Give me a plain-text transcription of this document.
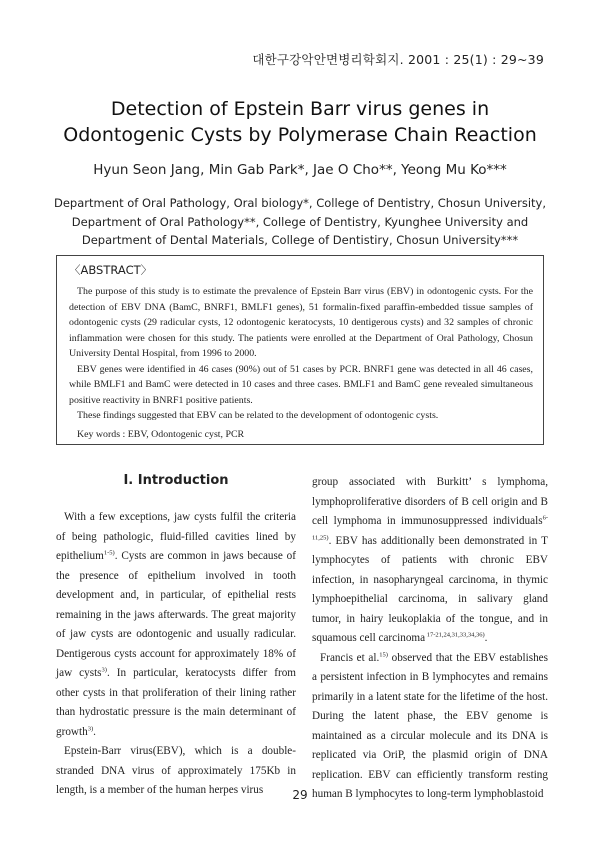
대한구강악안면병리학회지. 2001 : 25(1) : 29~39
Detection of Epstein Barr virus genes in
Odontogenic Cysts by Polymerase Chain Reaction
Hyun Seon Jang, Min Gab Park*, Jae O Cho**, Yeong Mu Ko***
Department of Oral Pathology, Oral biology*, College of Dentistry, Chosun University,
Department of Oral Pathology**, College of Dentistry, Kyunghee University and
Department of Dental Materials, College of Dentistiry, Chosun University***
〈ABSTRACT〉

The purpose of this study is to estimate the prevalence of Epstein Barr virus (EBV) in odontogenic cysts. For the detection of EBV DNA (BamC, BNRF1, BMLF1 genes), 51 formalin-fixed paraffin-embedded tissue samples of odontogenic cysts (29 radicular cysts, 12 odontogenic keratocysts, 10 dentigerous cysts) and 32 samples of chronic inflammation were chosen for this study. The patients were enrolled at the Department of Oral Pathology, Chosun University Dental Hospital, from 1996 to 2000.

EBV genes were identified in 46 cases (90%) out of 51 cases by PCR. BNRF1 gene was detected in all 46 cases, while BMLF1 and BamC were detected in 10 cases and three cases. BMLF1 and BamC gene revealed simultaneous positive reactivity in BNRF1 positive patients.

These findings suggested that EBV can be related to the development of odontogenic cysts.

Key words : EBV, Odontogenic cyst, PCR
I. Introduction

With a few exceptions, jaw cysts fulfil the criteria of being pathologic, fluid-filled cavities lined by epithelium$^{1-5)}$. Cysts are common in jaws because of the presence of epithelium involved in tooth development and, in particular, of epithelial rests remaining in the jaws afterwards. The great majority of jaw cysts are odontogenic and usually radicular. Dentigerous cysts account for approximately 18% of jaw cysts$^{3)}$. In particular, keratocysts differ from other cysts in that proliferation of their lining rather than hydrostatic pressure is the main determinant of growth$^{3)}$.

Epstein-Barr virus(EBV), which is a double-stranded DNA virus of approximately 175Kb in length, is a member of the human herpes virus

group associated with Burkitt’ s lymphoma, lymphoproliferative disorders of B cell origin and B cell lymphoma in immunosuppressed individuals$^{6-11,25)}$. EBV has additionally been demonstrated in T lymphocytes of patients with chronic EBV infection, in nasopharyngeal carcinoma, in thymic lymphoepithelial carcinoma, in salivary gland tumor, in hairy leukoplakia of the tongue, and in squamous cell carcinoma $^{17-21,24,31,33,34,36)}$.

Francis et al.$^{15)}$ observed that the EBV establishes a persistent infection in B lymphocytes and remains primarily in a latent state for the lifetime of the host. During the latent phase, the EBV genome is maintained as a circular molecule and its DNA is replicated via OriP, the plasmid origin of DNA replication. EBV can efficiently transform resting human B lymphocytes to long-term lymphoblastoid

29
